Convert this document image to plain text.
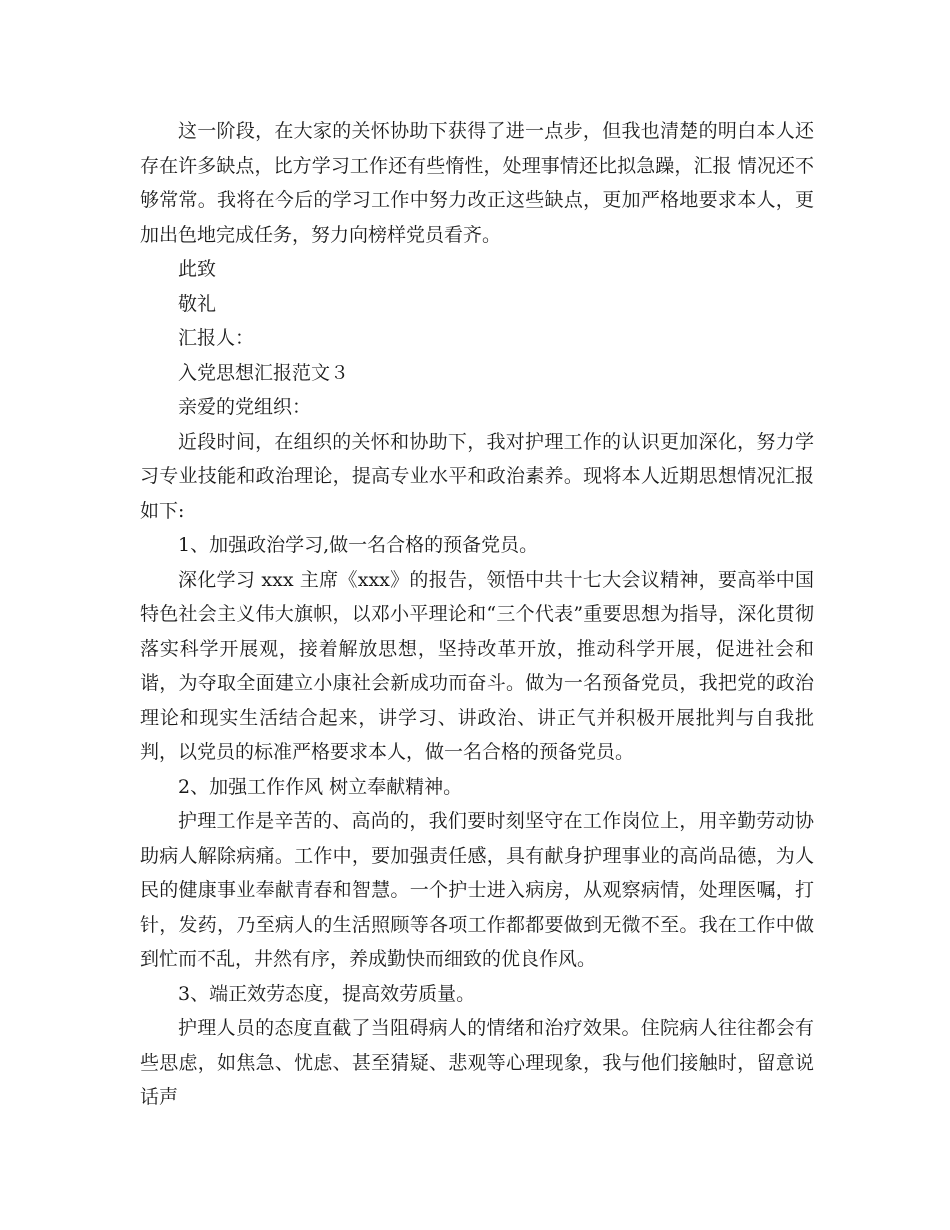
这一阶段，在大家的关怀协助下获得了进一点步，但我也清楚的明白本人还存在许多缺点，比方学习工作还有些惰性，处理事情还比拟急躁，汇报 情况还不够常常。我将在今后的学习工作中努力改正这些缺点，更加严格地要求本人，更加出色地完成任务，努力向榜样党员看齐。

此致

敬礼

汇报人：

入党思想汇报范文３

亲爱的党组织：

近段时间，在组织的关怀和协助下，我对护理工作的认识更加深化，努力学习专业技能和政治理论，提高专业水平和政治素养。现将本人近期思想情况汇报如下:

1、加强政治学习,做一名合格的预备党员。

深化学习 xxx 主席《xxx》的报告，领悟中共十七大会议精神，要高举中国特色社会主义伟大旗帜，以邓小平理论和“三个代表”重要思想为指导，深化贯彻落实科学开展观，接着解放思想，坚持改革开放，推动科学开展，促进社会和谐，为夺取全面建立小康社会新成功而奋斗。做为一名预备党员，我把党的政治理论和现实生活结合起来，讲学习、讲政治、讲正气并积极开展批判与自我批判，以党员的标准严格要求本人，做一名合格的预备党员。

2、加强工作作风 树立奉献精神。

护理工作是辛苦的、高尚的，我们要时刻坚守在工作岗位上，用辛勤劳动协助病人解除病痛。工作中，要加强责任感，具有献身护理事业的高尚品德，为人民的健康事业奉献青春和智慧。一个护士进入病房，从观察病情，处理医嘱，打针，发药，乃至病人的生活照顾等各项工作都都要做到无微不至。我在工作中做到忙而不乱，井然有序，养成勤快而细致的优良作风。

3、端正效劳态度，提高效劳质量。

护理人员的态度直截了当阻碍病人的情绪和治疗效果。住院病人往往都会有些思虑，如焦急、忧虑、甚至猜疑、悲观等心理现象，我与他们接触时，留意说话声
